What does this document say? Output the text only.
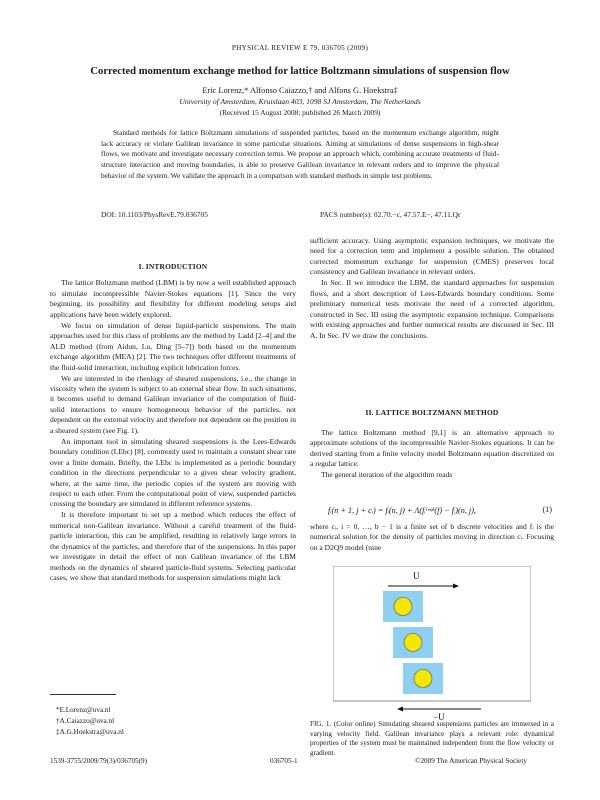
PHYSICAL REVIEW E 79, 036705 (2009)
Corrected momentum exchange method for lattice Boltzmann simulations of suspension flow
Eric Lorenz,* Alfonso Caiazzo,† and Alfons G. Hoekstra‡
University of Amsterdam, Kruislaan 403, 1098 SJ Amsterdam, The Netherlands
(Received 15 August 2008; published 26 March 2009)
Standard methods for lattice Boltzmann simulations of suspended particles, based on the momentum exchange algorithm, might lack accuracy or violate Galilean invariance in some particular situations. Aiming at simulations of dense suspensions in high-shear flows, we motivate and investigate necessary correction terms. We propose an approach which, combining accurate treatments of fluid-structure interaction and moving boundaries, is able to preserve Galilean invariance in relevant orders and to improve the physical behavior of the system. We validate the approach in a comparison with standard methods in simple test problems.
DOI: 10.1103/PhysRevE.79.036705	PACS number(s): 02.70.−c, 47.57.E−, 47.11.Qr
I. INTRODUCTION

The lattice Boltzmann method (LBM) is by now a well established approach to simulate incompressible Navier-Stokes equations [1]. Since the very beginning, its possibility and flexibility for different modeling setups and applications have been widely explored.

We focus on simulation of dense liquid-particle suspensions. The main approaches used for this class of problems are the method by Ladd [2–4] and the ALD method (from Aidun, Lu, Ding [5–7]) both based on the momentum exchange algorithm (MEA) [2]. The two techniques offer different treatments of the fluid-solid interaction, including explicit lubrication forces.

We are interested in the rheology of sheared suspensions, i.e., the change in viscosity when the system is subject to an external shear flow. In such situations, it becomes useful to demand Galilean invariance of the computation of fluid-solid interactions to ensure homogeneous behavior of the particles, not dependent on the external velocity and therefore not dependent on the position in a sheared system (see Fig. 1).

An important tool in simulating sheared suspensions is the Lees-Edwards boundary condition (LEbc) [8], commonly used to maintain a constant shear rate over a finite domain. Briefly, the LEbc is implemented as a periodic boundary condition in the directions perpendicular to a given shear velocity gradient, where, at the same time, the periodic copies of the system are moving with respect to each other. From the computational point of view, suspended particles crossing the boundary are simulated in different reference systems.

It is therefore important to set up a method which reduces the effect of numerical non-Galilean invariance. Without a careful treatment of the fluid-particle interaction, this can be amplified, resulting in relatively large errors in the dynamics of the particles, and therefore that of the suspensions. In this paper we investigate in detail the effect of non Galilean invariance of the LBM methods on the dynamics of sheared particle-fluid systems. Selecting particular cases, we show that standard methods for suspension simulations might lack

sufficient accuracy. Using asymptotic expansion techniques, we motivate the need for a correction term and implement a possible solution. The obtained corrected momentum exchange for suspension (CMES) preserves local consistency and Galilean invariance in relevant orders.

In Sec. II we introduce the LBM, the standard approaches for suspension flows, and a short description of Lees-Edwards boundary conditions. Some preliminary numerical tests motivate the need of a corrected algorithm, constructed in Sec. III using the asymptotic expansion technique. Comparisons with existing approaches and further numerical results are discussed in Sec. III A. In Sec. IV we draw the conclusions.

II. LATTICE BOLTZMANN METHOD

The lattice Boltzmann method [9,1] is an alternative approach to approximate solutions of the incompressible Navier-Stokes equations. It can be derived starting from a finite velocity model Boltzmann equation discretized on a regular lattice.

The general iteration of the algorithm reads

fᵢ(n + 1, j + cᵢ) = fᵢ(n, j) + Λ(fᵢ⁽ᵉᵠ⁾(f) − fᵢ)(n, j),	(1)

where cᵢ, i = 0, …, b − 1 is a finite set of b discrete velocities and fᵢ is the numerical solution for the density of particles moving in direction cᵢ. Focusing on a D2Q9 model (nine

U
−U
FIG. 1. (Color online) Simulating sheared suspensions particles are immersed in a varying velocity field. Galilean invariance plays a relevant role: dynamical properties of the system must be maintained independent from the flow velocity or gradient.
*E.Lorenz@uva.nl
†A.Caiazzo@uva.nl
‡A.G.Hoekstra@uva.nl
1539-3755/2009/79(3)/036705(9)	036705-1	©2009 The American Physical Society
